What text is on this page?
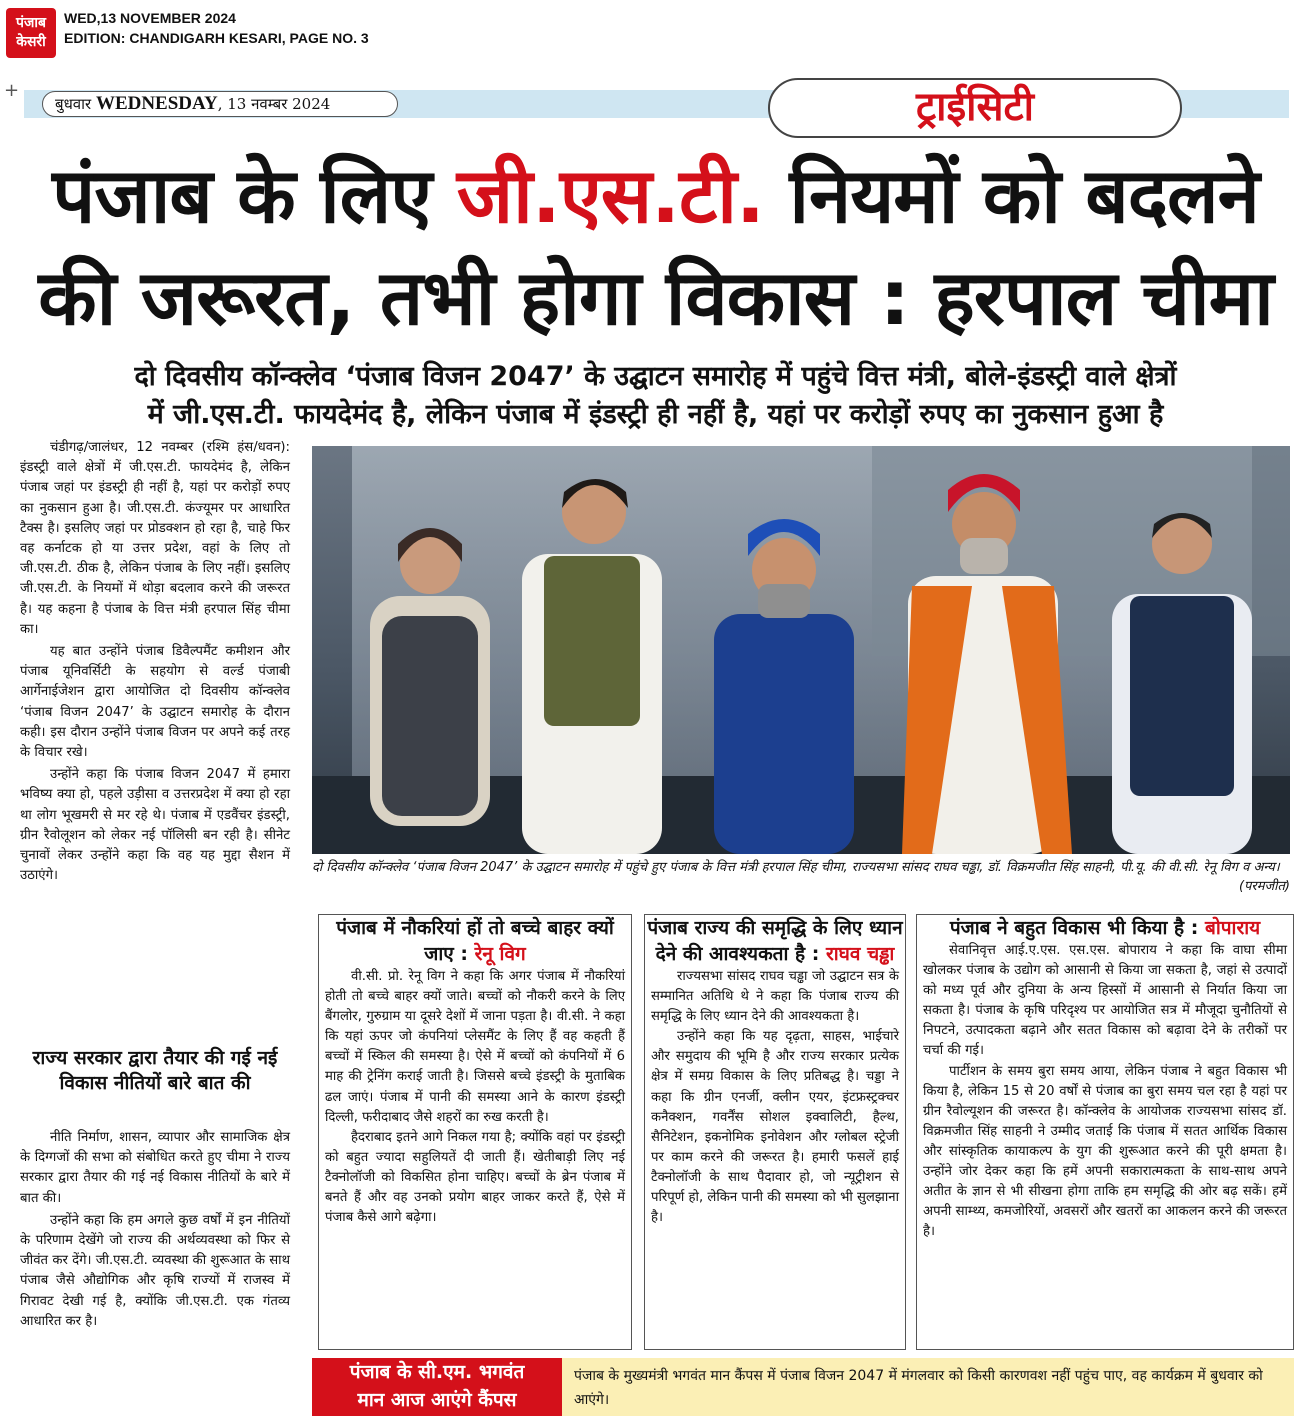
पंजाब
केसरी
WED,13 NOVEMBER 2024
EDITION: CHANDIGARH KESARI, PAGE NO. 3
+
बुधवार WEDNESDAY, 13 नवम्बर 2024	ट्राईसिटी
पंजाब के लिए जी.एस.टी. नियमों को बदलने
की जरूरत, तभी होगा विकास : हरपाल चीमा
दो दिवसीय कॉन्क्लेव ‘पंजाब विजन 2047’ के उद्घाटन समारोह में पहुंचे वित्त मंत्री, बोले-इंडस्ट्री वाले क्षेत्रों
में जी.एस.टी. फायदेमंद है, लेकिन पंजाब में इंडस्ट्री ही नहीं है, यहां पर करोड़ों रुपए का नुकसान हुआ है

चंडीगढ़/जालंधर, 12 नवम्बर (रश्मि हंस/धवन): इंडस्ट्री वाले क्षेत्रों में जी.एस.टी. फायदेमंद है, लेकिन पंजाब जहां पर इंडस्ट्री ही नहीं है, यहां पर करोड़ों रुपए का नुकसान हुआ है। जी.एस.टी. कंज्यूमर पर आधारित टैक्स है। इसलिए जहां पर प्रोडक्शन हो रहा है, चाहे फिर वह कर्नाटक हो या उत्तर प्रदेश, वहां के लिए तो जी.एस.टी. ठीक है, लेकिन पंजाब के लिए नहीं। इसलिए जी.एस.टी. के नियमों में थोड़ा बदलाव करने की जरूरत है। यह कहना है पंजाब के वित्त मंत्री हरपाल सिंह चीमा का।

यह बात उन्होंने पंजाब डिवैल्पमैंट कमीशन और पंजाब यूनिवर्सिटी के सहयोग से वर्ल्ड पंजाबी आर्गेनाईजेशन द्वारा आयोजित दो दिवसीय कॉन्क्लेव ‘पंजाब विजन 2047’ के उद्घाटन समारोह के दौरान कही। इस दौरान उन्होंने पंजाब विजन पर अपने कई तरह के विचार रखे।

उन्होंने कहा कि पंजाब विजन 2047 में हमारा भविष्य क्या हो, पहले उड़ीसा व उत्तरप्रदेश में क्या हो रहा था लोग भूखमरी से मर रहे थे। पंजाब में एडवैंचर इंडस्ट्री, ग्रीन रैवोलूशन को लेकर नई पॉलिसी बन रही है। सीनेट चुनावों लेकर उन्होंने कहा कि वह यह मुद्दा सैशन में उठाएंगे।

राज्य सरकार द्वारा तैयार की गई नई विकास नीतियों बारे बात की

नीति निर्माण, शासन, व्यापार और सामाजिक क्षेत्र के दिग्गजों की सभा को संबोधित करते हुए चीमा ने राज्य सरकार द्वारा तैयार की गई नई विकास नीतियों के बारे में बात की।

उन्होंने कहा कि हम अगले कुछ वर्षों में इन नीतियों के परिणाम देखेंगे जो राज्य की अर्थव्यवस्था को फिर से जीवंत कर देंगे। जी.एस.टी. व्यवस्था की शुरूआत के साथ पंजाब जैसे औद्योगिक और कृषि राज्यों में राजस्व में गिरावट देखी गई है, क्योंकि जी.एस.टी. एक गंतव्य आधारित कर है।

दो दिवसीय कॉन्क्लेव ‘पंजाब विजन 2047’ के उद्घाटन समारोह में पहुंचे हुए पंजाब के वित्त मंत्री हरपाल सिंह चीमा, राज्यसभा सांसद राघव चड्ढा, डॉ. विक्रमजीत सिंह साहनी, पी.यू. की वी.सी. रेनू विग व अन्य।
(परमजीत)
पंजाब में नौकरियां हों तो बच्चे बाहर क्यों जाए : रेनू विग

वी.सी. प्रो. रेनू विग ने कहा कि अगर पंजाब में नौकरियां होती तो बच्चे बाहर क्यों जाते। बच्चों को नौकरी करने के लिए बैंगलोर, गुरुग्राम या दूसरे देशों में जाना पड़ता है। वी.सी. ने कहा कि यहां ऊपर जो कंपनियां प्लेसमैंट के लिए हैं वह कहती हैं बच्चों में स्किल की समस्या है। ऐसे में बच्चों को कंपनियों में 6 माह की ट्रेनिंग कराई जाती है। जिससे बच्चे इंडस्ट्री के मुताबिक ढल जाएं। पंजाब में पानी की समस्या आने के कारण इंडस्ट्री दिल्ली, फरीदाबाद जैसे शहरों का रुख करती है।

हैदराबाद इतने आगे निकल गया है; क्योंकि वहां पर इंडस्ट्री को बहुत ज्यादा सहुलियतें दी जाती हैं। खेतीबाड़ी लिए नई टैक्नोलॉजी को विकसित होना चाहिए। बच्चों के ब्रेन पंजाब में बनते हैं और वह उनको प्रयोग बाहर जाकर करते हैं, ऐसे में पंजाब कैसे आगे बढ़ेगा।

पंजाब राज्य की समृद्धि के लिए ध्यान देने की आवश्यकता है : राघव चड्ढा

राज्यसभा सांसद राघव चड्ढा जो उद्घाटन सत्र के सम्मानित अतिथि थे ने कहा कि पंजाब राज्य की समृद्धि के लिए ध्यान देने की आवश्यकता है।

उन्होंने कहा कि यह दृढ़ता, साहस, भाईचारे और समुदाय की भूमि है और राज्य सरकार प्रत्येक क्षेत्र में समग्र विकास के लिए प्रतिबद्ध है। चड्डा ने कहा कि ग्रीन एनर्जी, क्लीन एयर, इंटफ्रस्ट्रक्चर कनैक्शन, गवर्नैंस सोशल इक्वालिटी, हैल्थ, सैनिटेशन, इकनोमिक इनोवेशन और ग्लोबल स्ट्रेजी पर काम करने की जरूरत है। हमारी फसलें हाई टैक्नोलॉजी के साथ पैदावार हो, जो न्यूट्रीशन से परिपूर्ण हो, लेकिन पानी की समस्या को भी सुलझाना है।

पंजाब ने बहुत विकास भी किया है : बोपाराय

सेवानिवृत्त आई.ए.एस. एस.एस. बोपाराय ने कहा कि वाघा सीमा खोलकर पंजाब के उद्योग को आसानी से किया जा सकता है, जहां से उत्पादों को मध्य पूर्व और दुनिया के अन्य हिस्सों में आसानी से निर्यात किया जा सकता है। पंजाब के कृषि परिदृश्य पर आयोजित सत्र में मौजूदा चुनौतियों से निपटने, उत्पादकता बढ़ाने और सतत विकास को बढ़ावा देने के तरीकों पर चर्चा की गई।

पार्टीशन के समय बुरा समय आया, लेकिन पंजाब ने बहुत विकास भी किया है, लेकिन 15 से 20 वर्षों से पंजाब का बुरा समय चल रहा है यहां पर ग्रीन रैवोल्यूशन की जरूरत है। कॉन्क्लेव के आयोजक राज्यसभा सांसद डॉ. विक्रमजीत सिंह साहनी ने उम्मीद जताई कि पंजाब में सतत आर्थिक विकास और सांस्कृतिक कायाकल्प के युग की शुरूआत करने की पूरी क्षमता है। उन्होंने जोर देकर कहा कि हमें अपनी सकारात्मकता के साथ-साथ अपने अतीत के ज्ञान से भी सीखना होगा ताकि हम समृद्धि की ओर बढ़ सकें। हमें अपनी साम्थ्य, कमजोरियों, अवसरों और खतरों का आकलन करने की जरूरत है।

पंजाब के सी.एम. भगवंत
मान आज आएंगे कैंपस
पंजाब के मुख्यमंत्री भगवंत मान कैंपस में पंजाब विजन 2047 में मंगलवार को किसी कारणवश नहीं पहुंच पाए, वह कार्यक्रम में बुधवार को आएंगे।
